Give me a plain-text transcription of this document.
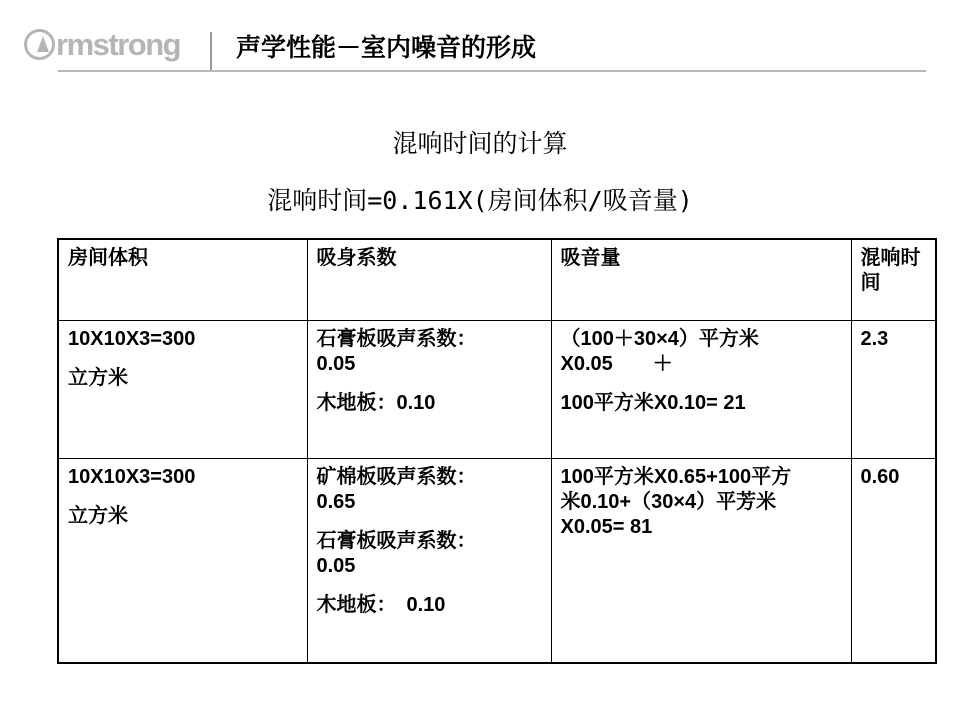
rmstrong 声学性能－室内噪音的形成
混响时间的计算
混响时间=0.161X(房间体积/吸音量)
房间体积	吸身系数	吸音量	混响时间

10X10X3=300
立方米	石膏板吸声系数：
0.05
木地板：0.10	（100＋30×4）平方米
X0.05　　＋
100平方米X0.10= 21	2.3

10X10X3=300
立方米	矿棉板吸声系数：
0.65
石膏板吸声系数：
0.05
木地板：　0.10	100平方米X0.65+100平方
米0.10+（30×4）平芳米
X0.05= 81	0.60
